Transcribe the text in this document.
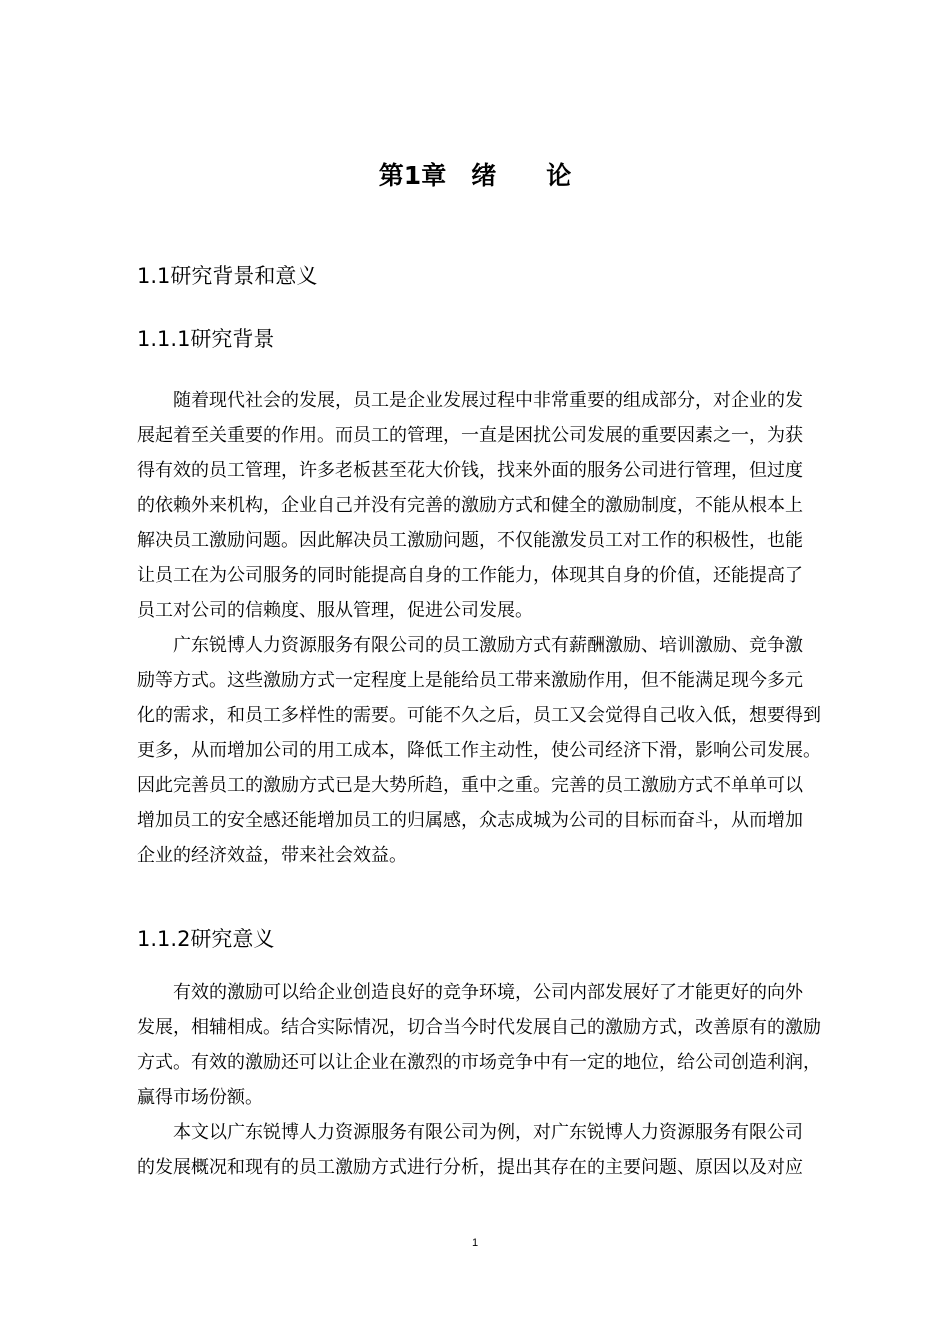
第1章　绪　　论
1.1研究背景和意义
1.1.1研究背景
随着现代社会的发展，员工是企业发展过程中非常重要的组成部分，对企业的发
展起着至关重要的作用。而员工的管理，一直是困扰公司发展的重要因素之一，为获
得有效的员工管理，许多老板甚至花大价钱，找来外面的服务公司进行管理，但过度
的依赖外来机构，企业自己并没有完善的激励方式和健全的激励制度，不能从根本上
解决员工激励问题。因此解决员工激励问题，不仅能激发员工对工作的积极性，也能
让员工在为公司服务的同时能提高自身的工作能力，体现其自身的价值，还能提高了
员工对公司的信赖度、服从管理，促进公司发展。
广东锐博人力资源服务有限公司的员工激励方式有薪酬激励、培训激励、竞争激
励等方式。这些激励方式一定程度上是能给员工带来激励作用，但不能满足现今多元
化的需求，和员工多样性的需要。可能不久之后，员工又会觉得自己收入低，想要得到
更多，从而增加公司的用工成本，降低工作主动性，使公司经济下滑，影响公司发展。
因此完善员工的激励方式已是大势所趋，重中之重。完善的员工激励方式不单单可以
增加员工的安全感还能增加员工的归属感，众志成城为公司的目标而奋斗，从而增加
企业的经济效益，带来社会效益。
1.1.2研究意义
有效的激励可以给企业创造良好的竞争环境，公司内部发展好了才能更好的向外
发展，相辅相成。结合实际情况，切合当今时代发展自己的激励方式，改善原有的激励
方式。有效的激励还可以让企业在激烈的市场竞争中有一定的地位，给公司创造利润，
赢得市场份额。
本文以广东锐博人力资源服务有限公司为例，对广东锐博人力资源服务有限公司
的发展概况和现有的员工激励方式进行分析，提出其存在的主要问题、原因以及对应
1
